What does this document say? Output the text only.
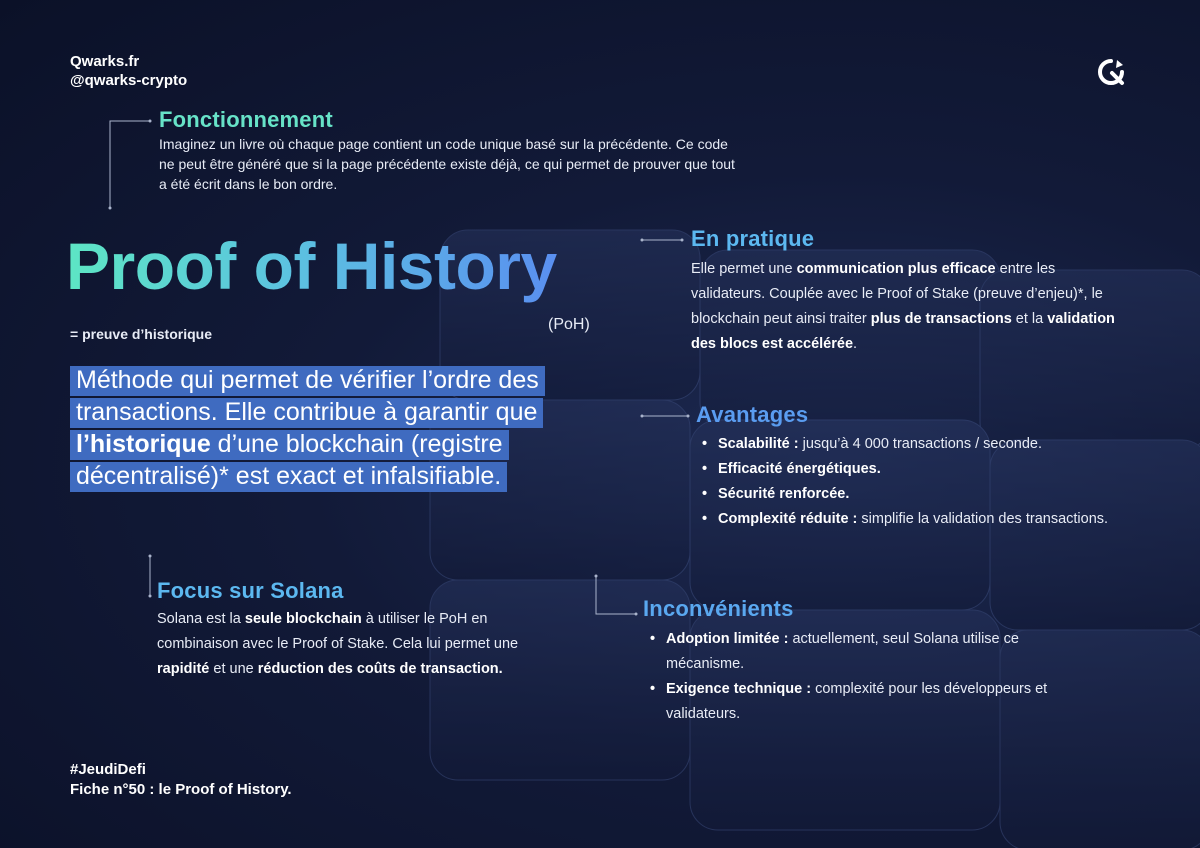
Qwarks.fr
@qwarks-crypto
Fonctionnement
Imaginez un livre où chaque page contient un code unique basé sur la précédente. Ce code ne peut être généré que si la page précédente existe déjà, ce qui permet de prouver que tout a été écrit dans le bon ordre.
Proof of History
(PoH)
= preuve d’historique
Méthode qui permet de vérifier l’ordre des transactions. Elle contribue à garantir que l’historique d’une blockchain (registre décentralisé)* est exact et infalsifiable.
En pratique
Elle permet une communication plus efficace entre les validateurs. Couplée avec le Proof of Stake (preuve d’enjeu)*, le blockchain peut ainsi traiter plus de transactions et la validation des blocs est accélérée.
Avantages
• Scalabilité : jusqu’à 4 000 transactions / seconde.
• Efficacité énergétiques.
• Sécurité renforcée.
• Complexité réduite : simplifie la validation des transactions.
Inconvénients
• Adoption limitée : actuellement, seul Solana utilise ce mécanisme.
• Exigence technique : complexité pour les développeurs et validateurs.
Focus sur Solana
Solana est la seule blockchain à utiliser le PoH en combinaison avec le Proof of Stake. Cela lui permet une rapidité et une réduction des coûts de transaction.
#JeudiDefi
Fiche n°50 : le Proof of History.
